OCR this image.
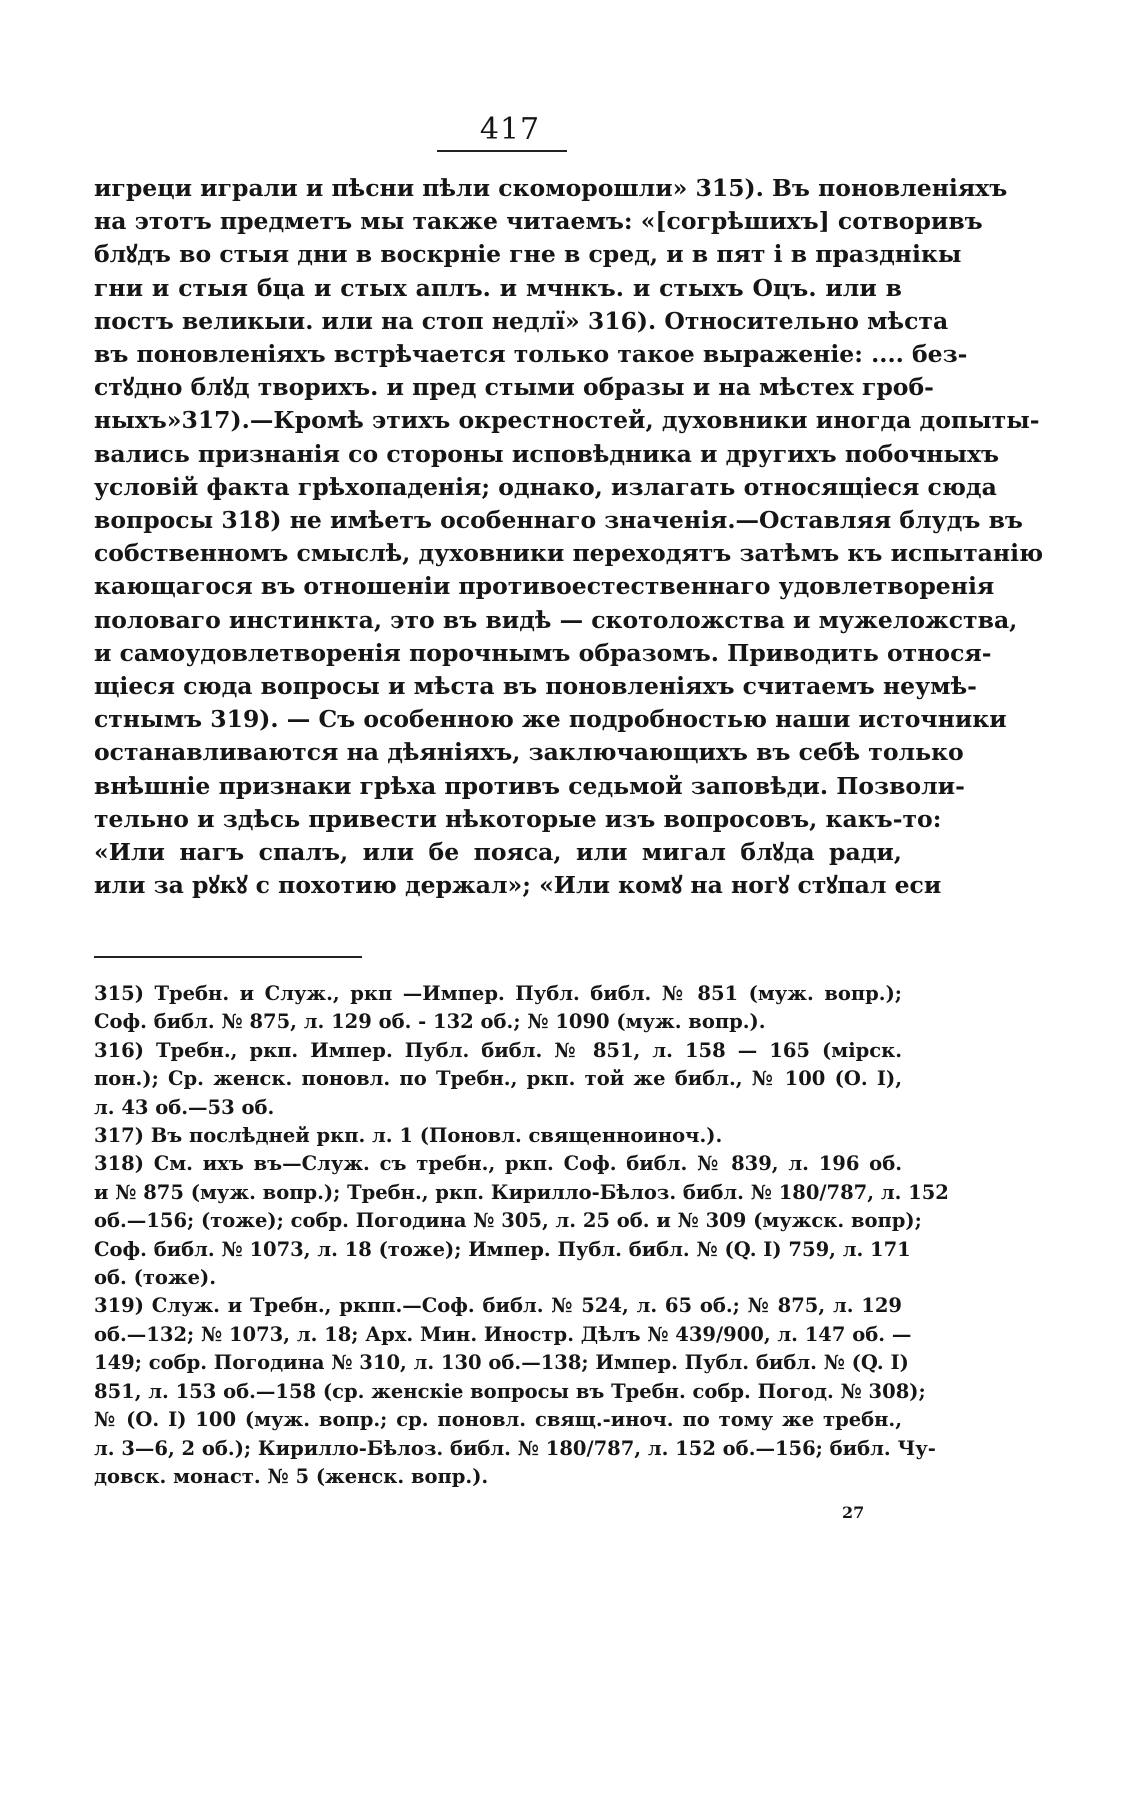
417
игреци играли и пѣсни пѣли скоморошли» 315). Въ поновленiяхъ
на этотъ предметъ мы также читаемъ: «[согрѣшихъ] сотворивъ
блꙋдъ во стыя дни в воскрнiе гне в сред, и в пят i в празднiкы
гни и стыя бца и стых аплъ. и мчнкъ. и стыхъ Оцъ. или в
постъ великыи. или на стоп недлї» 316). Относительно мѣста
въ поновленiяхъ встрѣчается только такое выраженiе: .... без-
стꙋдно блꙋд творихъ. и пред стыми образы и на мѣстех гроб-
ныхъ»317).—Кромѣ этихъ окрестностей, духовники иногда допыты-
вались признанiя со стороны исповѣдника и другихъ побочныхъ
условiй факта грѣхопаденiя; однако, излагать относящiеся сюда
вопросы 318) не имѣетъ особеннаго значенiя.—Оставляя блудъ въ
собственномъ смыслѣ, духовники переходятъ затѣмъ къ испытанiю
кающагося въ отношенiи противоестественнаго удовлетворенiя
половаго инстинкта, это въ видѣ — скотоложства и мужеложства,
и самоудовлетворенiя порочнымъ образомъ. Приводить относя-
щiеся сюда вопросы и мѣста въ поновленiяхъ считаемъ неумѣ-
стнымъ 319). — Съ особенною же подробностью наши источники
останавливаются на дѣянiяхъ, заключающихъ въ себѣ только
внѣшнiе признаки грѣха противъ седьмой заповѣди. Позволи-
тельно и здѣсь привести нѣкоторые изъ вопросовъ, какъ-то:
«Или нагъ спалъ, или бе пояса, или мигал блꙋда ради,
или за рꙋкꙋ с похотию держал»; «Или комꙋ на ногꙋ стꙋпал еси
315) Требн. и Служ., ркп —Импер. Публ. библ. № 851 (муж. вопр.);
Соф. библ. № 875, л. 129 об. - 132 об.; № 1090 (муж. вопр.).
316) Требн., ркп. Импер. Публ. библ. № 851, л. 158 — 165 (мiрск.
пон.); Ср. женск. поновл. по Требн., ркп. той же библ., № 100 (О. I),
л. 43 об.—53 об.
317) Въ послѣдней ркп. л. 1 (Поновл. священноиноч.).
318) См. ихъ въ—Служ. съ требн., ркп. Соф. библ. № 839, л. 196 об.
и № 875 (муж. вопр.); Требн., ркп. Кирилло-Бѣлоз. библ. № 180/787, л. 152
об.—156; (тоже); собр. Погодина № 305, л. 25 об. и № 309 (мужск. вопр);
Соф. библ. № 1073, л. 18 (тоже); Импер. Публ. библ. № (Q. I) 759, л. 171
об. (тоже).
319) Служ. и Требн., ркпп.—Соф. библ. № 524, л. 65 об.; № 875, л. 129
об.—132; № 1073, л. 18; Арх. Мин. Иностр. Дѣлъ № 439/900, л. 147 об. —
149; собр. Погодина № 310, л. 130 об.—138; Импер. Публ. библ. № (Q. I)
851, л. 153 об.—158 (ср. женскiе вопросы въ Требн. собр. Погод. № 308);
№ (О. I) 100 (муж. вопр.; ср. поновл. свящ.-иноч. по тому же требн.,
л. 3—6, 2 об.); Кирилло-Бѣлоз. библ. № 180/787, л. 152 об.—156; библ. Чу-
довск. монаст. № 5 (женск. вопр.).
27
